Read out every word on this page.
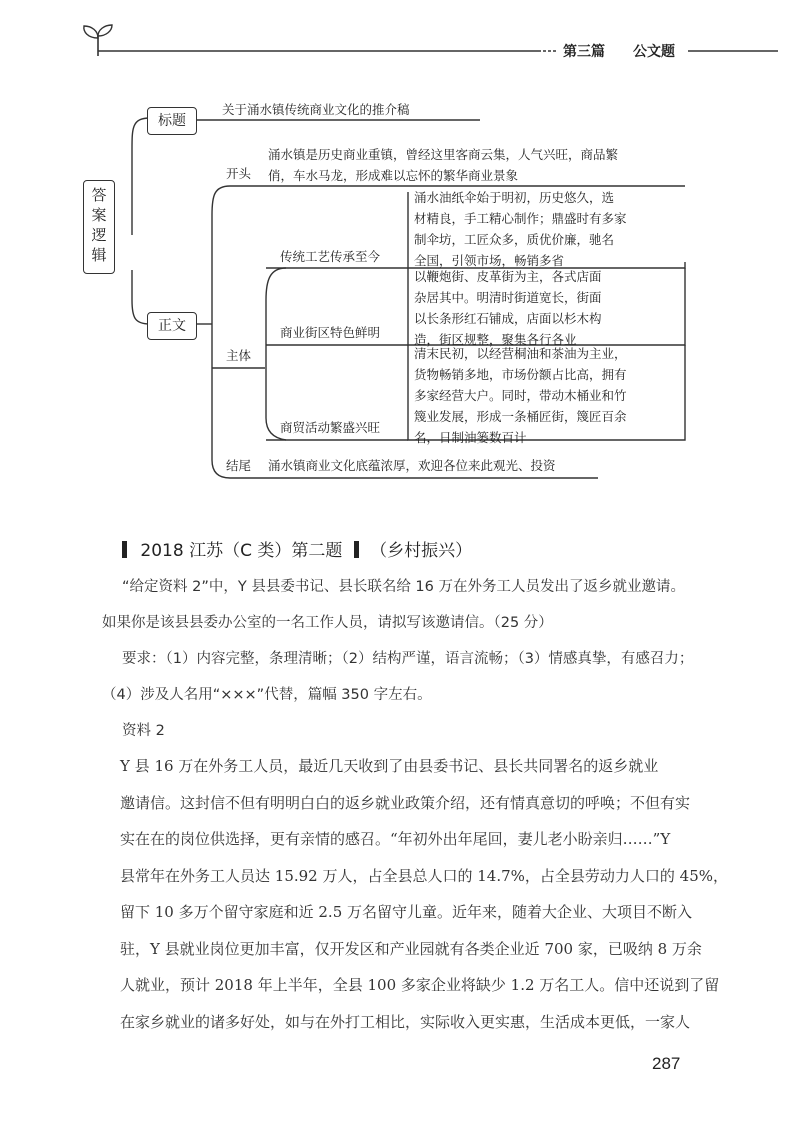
第三篇 公文题
答案逻辑
标题
关于涌水镇传统商业文化的推介稿
正文
开头
涌水镇是历史商业重镇，曾经这里客商云集，人气兴旺，商品繁
俏，车水马龙，形成难以忘怀的繁华商业景象
主体
传统工艺传承至今
涌水油纸伞始于明初，历史悠久，选
材精良，手工精心制作；鼎盛时有多家
制伞坊，工匠众多，质优价廉，驰名
全国，引领市场，畅销多省
商业街区特色鲜明
以鞭炮街、皮革街为主，各式店面
杂居其中。明清时街道宽长，街面
以长条形红石铺成，店面以杉木构
造，街区规整，聚集各行各业
商贸活动繁盛兴旺
清末民初，以经营桐油和茶油为主业，
货物畅销多地，市场份额占比高，拥有
多家经营大户。同时，带动木桶业和竹
篾业发展，形成一条桶匠街，篾匠百余
名，日制油篓数百计
结尾 涌水镇商业文化底蕴浓厚，欢迎各位来此观光、投资
2018 江苏（C 类）第二题 （乡村振兴）
“给定资料 2”中，Y 县县委书记、县长联名给 16 万在外务工人员发出了返乡就业邀请。
如果你是该县县委办公室的一名工作人员，请拟写该邀请信。（25 分）
要求：（1）内容完整，条理清晰；（2）结构严谨，语言流畅；（3）情感真挚，有感召力；
（4）涉及人名用“×××”代替，篇幅 350 字左右。
资料 2
Y 县 16 万在外务工人员，最近几天收到了由县委书记、县长共同署名的返乡就业
邀请信。这封信不但有明明白白的返乡就业政策介绍，还有情真意切的呼唤；不但有实
实在在的岗位供选择，更有亲情的感召。“年初外出年尾回，妻儿老小盼亲归……”Y
县常年在外务工人员达 15.92 万人，占全县总人口的 14.7%，占全县劳动力人口的 45%，
留下 10 多万个留守家庭和近 2.5 万名留守儿童。近年来，随着大企业、大项目不断入
驻，Y 县就业岗位更加丰富，仅开发区和产业园就有各类企业近 700 家，已吸纳 8 万余
人就业，预计 2018 年上半年，全县 100 多家企业将缺少 1.2 万名工人。信中还说到了留
在家乡就业的诸多好处，如与在外打工相比，实际收入更实惠，生活成本更低，一家人
287
